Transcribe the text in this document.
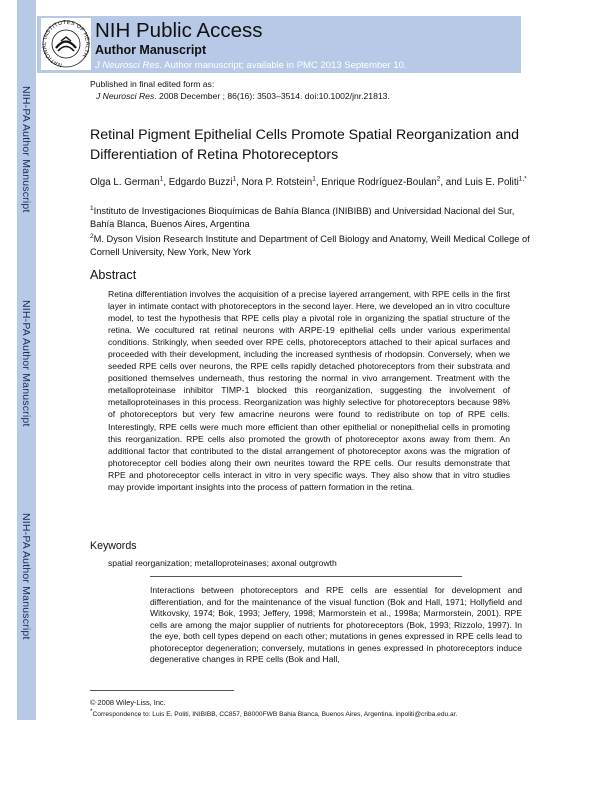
NIH-PA Author Manuscript
NIH-PA Author Manuscript
NIH-PA Author Manuscript
NATIONAL INSTITUTES OF HEALTH
NIH Public Access
Author Manuscript
J Neurosci Res. Author manuscript; available in PMC 2013 September 10.
Published in final edited form as:
J Neurosci Res. 2008 December ; 86(16): 3503–3514. doi:10.1002/jnr.21813.
Retinal Pigment Epithelial Cells Promote Spatial Reorganization and Differentiation of Retina Photoreceptors
Olga L. German$^1$, Edgardo Buzzi$^1$, Nora P. Rotstein$^1$, Enrique Rodríguez-Boulan$^2$, and Luis E. Politi$^{1,*}$
$^1$Instituto de Investigaciones Bioquímicas de Bahía Blanca (INIBIBB) and Universidad Nacional del Sur, Bahía Blanca, Buenos Aires, Argentina
$^2$M. Dyson Vision Research Institute and Department of Cell Biology and Anatomy, Weill Medical College of Cornell University, New York, New York
Abstract
Retina differentiation involves the acquisition of a precise layered arrangement, with RPE cells in the first layer in intimate contact with photoreceptors in the second layer. Here, we developed an in vitro coculture model, to test the hypothesis that RPE cells play a pivotal role in organizing the spatial structure of the retina. We cocultured rat retinal neurons with ARPE-19 epithelial cells under various experimental conditions. Strikingly, when seeded over RPE cells, photoreceptors attached to their apical surfaces and proceeded with their development, including the increased synthesis of rhodopsin. Conversely, when we seeded RPE cells over neurons, the RPE cells rapidly detached photoreceptors from their substrata and positioned themselves underneath, thus restoring the normal in vivo arrangement. Treatment with the metalloproteinase inhibitor TIMP-1 blocked this reorganization, suggesting the involvement of metalloproteinases in this process. Reorganization was highly selective for photoreceptors because 98% of photoreceptors but very few amacrine neurons were found to redistribute on top of RPE cells. Interestingly, RPE cells were much more efficient than other epithelial or nonepithelial cells in promoting this reorganization. RPE cells also promoted the growth of photoreceptor axons away from them. An additional factor that contributed to the distal arrangement of photoreceptor axons was the migration of photoreceptor cell bodies along their own neurites toward the RPE cells. Our results demonstrate that RPE and photoreceptor cells interact in vitro in very specific ways. They also show that in vitro studies may provide important insights into the process of pattern formation in the retina.
Keywords
spatial reorganization; metalloproteinases; axonal outgrowth
Interactions between photoreceptors and RPE cells are essential for development and differentiation, and for the maintenance of the visual function (Bok and Hall, 1971; Hollyfield and Witkovsky, 1974; Bok, 1993; Jeffery, 1998; Marmorstein et al., 1998a; Marmorstein, 2001). RPE cells are among the major supplier of nutrients for photoreceptors (Bok, 1993; Rizzolo, 1997). In the eye, both cell types depend on each other; mutations in genes expressed in RPE cells lead to photoreceptor degeneration; conversely, mutations in genes expressed in photoreceptors induce degenerative changes in RPE cells (Bok and Hall,
© 2008 Wiley-Liss, Inc.
*Correspondence to: Luis E. Politi, INIBIBB, CC857, B8000FWB Bahia Blanca, Buenos Aires, Argentina. inpoliti@criba.edu.ar.
